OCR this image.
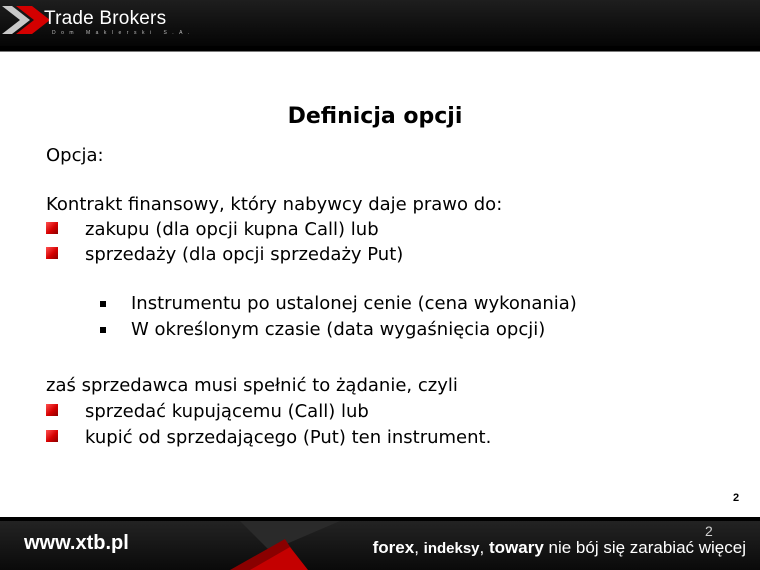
Trade Brokers
Dom Maklerski S.A.
Definicja opcji
Opcja:
Kontrakt finansowy, który nabywcy daje prawo do:
zakupu (dla opcji kupna Call) lub
sprzedaży (dla opcji sprzedaży Put)
Instrumentu po ustalonej cenie (cena wykonania)
W określonym czasie (data wygaśnięcia opcji)
zaś sprzedawca musi spełnić to żądanie, czyli
sprzedać kupującemu (Call) lub
kupić od sprzedającego (Put) ten instrument.
2
www.xtb.pl
2
forex, indeksy, towary nie bój się zarabiać więcej
